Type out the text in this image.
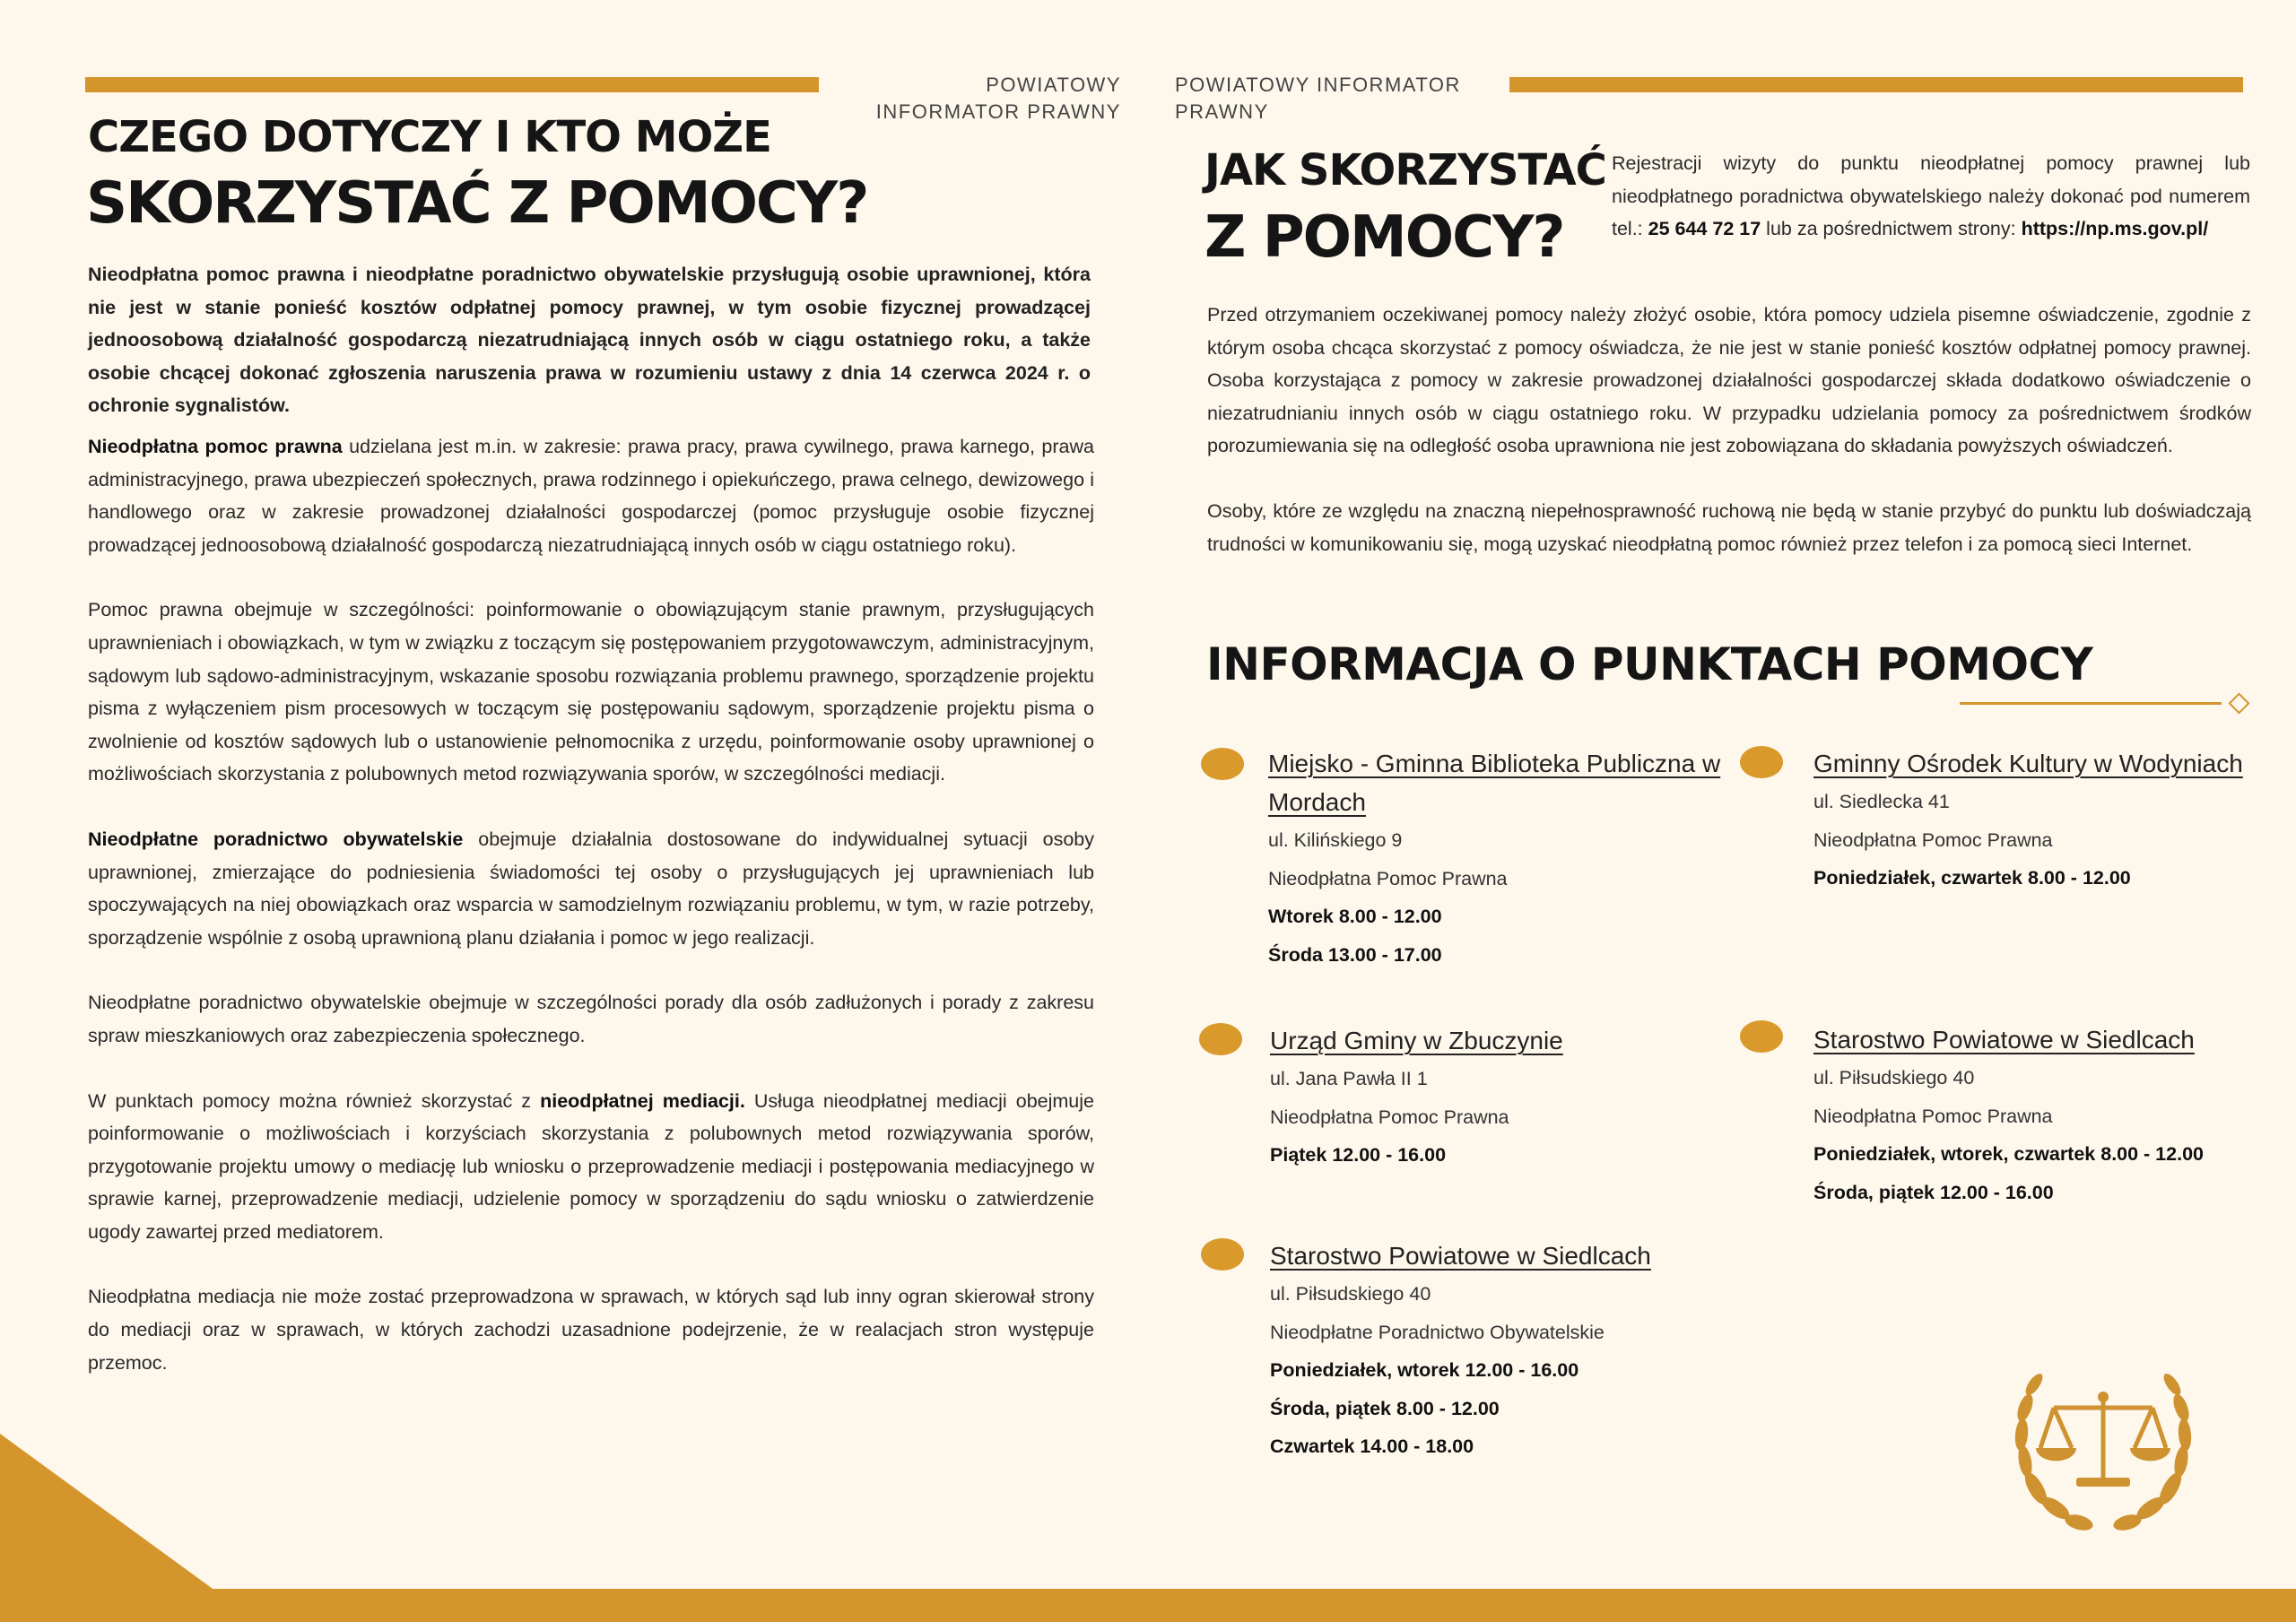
POWIATOWY INFORMATOR PRAWNY
CZEGO DOTYCZY I KTO MOŻE
SKORZYSTAĆ Z POMOCY?
Nieodpłatna pomoc prawna i nieodpłatne poradnictwo obywatelskie przysługują osobie uprawnionej, która nie jest w stanie ponieść kosztów odpłatnej pomocy prawnej, w tym osobie fizycznej prowadzącej jednoosobową działalność gospodarczą niezatrudniającą innych osób w ciągu ostatniego roku, a także osobie chcącej dokonać zgłoszenia naruszenia prawa w rozumieniu ustawy z dnia 14 czerwca 2024 r. o ochronie sygnalistów.

Nieodpłatna pomoc prawna udzielana jest m.in. w zakresie: prawa pracy, prawa cywilnego, prawa karnego, prawa administracyjnego, prawa ubezpieczeń społecznych, prawa rodzinnego i opiekuńczego, prawa celnego, dewizowego i handlowego oraz w zakresie prowadzonej działalności gospodarczej (pomoc przysługuje osobie fizycznej prowadzącej jednoosobową działalność gospodarczą niezatrudniającą innych osób w ciągu ostatniego roku).

Pomoc prawna obejmuje w szczególności: poinformowanie o obowiązującym stanie prawnym, przysługujących uprawnieniach i obowiązkach, w tym w związku z toczącym się postępowaniem przygotowawczym, administracyjnym, sądowym lub sądowo-administracyjnym, wskazanie sposobu rozwiązania problemu prawnego, sporządzenie projektu pisma z wyłączeniem pism procesowych w toczącym się postępowaniu sądowym, sporządzenie projektu pisma o zwolnienie od kosztów sądowych lub o ustanowienie pełnomocnika z urzędu, poinformowanie osoby uprawnionej o możliwościach skorzystania z polubownych metod rozwiązywania sporów, w szczególności mediacji.

Nieodpłatne poradnictwo obywatelskie obejmuje działalnia dostosowane do indywidualnej sytuacji osoby uprawnionej, zmierzające do podniesienia świadomości tej osoby o przysługujących jej uprawnieniach lub spoczywających na niej obowiązkach oraz wsparcia w samodzielnym rozwiązaniu problemu, w tym, w razie potrzeby, sporządzenie wspólnie z osobą uprawnioną planu działania i pomoc w jego realizacji.

Nieodpłatne poradnictwo obywatelskie obejmuje w szczególności porady dla osób zadłużonych i porady z zakresu spraw mieszkaniowych oraz zabezpieczenia społecznego.

W punktach pomocy można również skorzystać z nieodpłatnej mediacji. Usługa nieodpłatnej mediacji obejmuje poinformowanie o możliwościach i korzyściach skorzystania z polubownych metod rozwiązywania sporów, przygotowanie projektu umowy o mediację lub wniosku o przeprowadzenie mediacji i postępowania mediacyjnego w sprawie karnej, przeprowadzenie mediacji, udzielenie pomocy w sporządzeniu do sądu wniosku o zatwierdzenie ugody zawartej przed mediatorem.

Nieodpłatna mediacja nie może zostać przeprowadzona w sprawach, w których sąd lub inny ogran skierował strony do mediacji oraz w sprawach, w których zachodzi uzasadnione podejrzenie, że w realacjach stron występuje przemoc.

POWIATOWY INFORMATOR PRAWNY
JAK SKORZYSTAĆ
Z POMOCY?
Rejestracji wizyty do punktu nieodpłatnej pomocy prawnej lub nieodpłatnego poradnictwa obywatelskiego należy dokonać pod numerem tel.: 25 644 72 17 lub za pośrednictwem strony: https://np.ms.gov.pl/

Przed otrzymaniem oczekiwanej pomocy należy złożyć osobie, która pomocy udziela pisemne oświadczenie, zgodnie z którym osoba chcąca skorzystać z pomocy oświadcza, że nie jest w stanie ponieść kosztów odpłatnej pomocy prawnej. Osoba korzystająca z pomocy w zakresie prowadzonej działalności gospodarczej składa dodatkowo oświadczenie o niezatrudnianiu innych osób w ciągu ostatniego roku. W przypadku udzielania pomocy za pośrednictwem środków porozumiewania się na odległość osoba uprawniona nie jest zobowiązana do składania powyższych oświadczeń.

Osoby, które ze względu na znaczną niepełnosprawność ruchową nie będą w stanie przybyć do punktu lub doświadczają trudności w komunikowaniu się, mogą uzyskać nieodpłatną pomoc również przez telefon i za pomocą sieci Internet.

INFORMACJA O PUNKTACH POMOCY
Miejsko - Gminna Biblioteka Publiczna w Mordach
ul. Kilińskiego 9
Nieodpłatna Pomoc Prawna
Wtorek 8.00 - 12.00
Środa 13.00 - 17.00
Gminny Ośrodek Kultury w Wodyniach
ul. Siedlecka 41
Nieodpłatna Pomoc Prawna
Poniedziałek, czwartek 8.00 - 12.00
Urząd Gminy w Zbuczynie
ul. Jana Pawła II 1
Nieodpłatna Pomoc Prawna
Piątek 12.00 - 16.00
Starostwo Powiatowe w Siedlcach
ul. Piłsudskiego 40
Nieodpłatna Pomoc Prawna
Poniedziałek, wtorek, czwartek 8.00 - 12.00
Środa, piątek 12.00 - 16.00
Starostwo Powiatowe w Siedlcach
ul. Piłsudskiego 40
Nieodpłatne Poradnictwo Obywatelskie
Poniedziałek, wtorek 12.00 - 16.00
Środa, piątek 8.00 - 12.00
Czwartek 14.00 - 18.00
